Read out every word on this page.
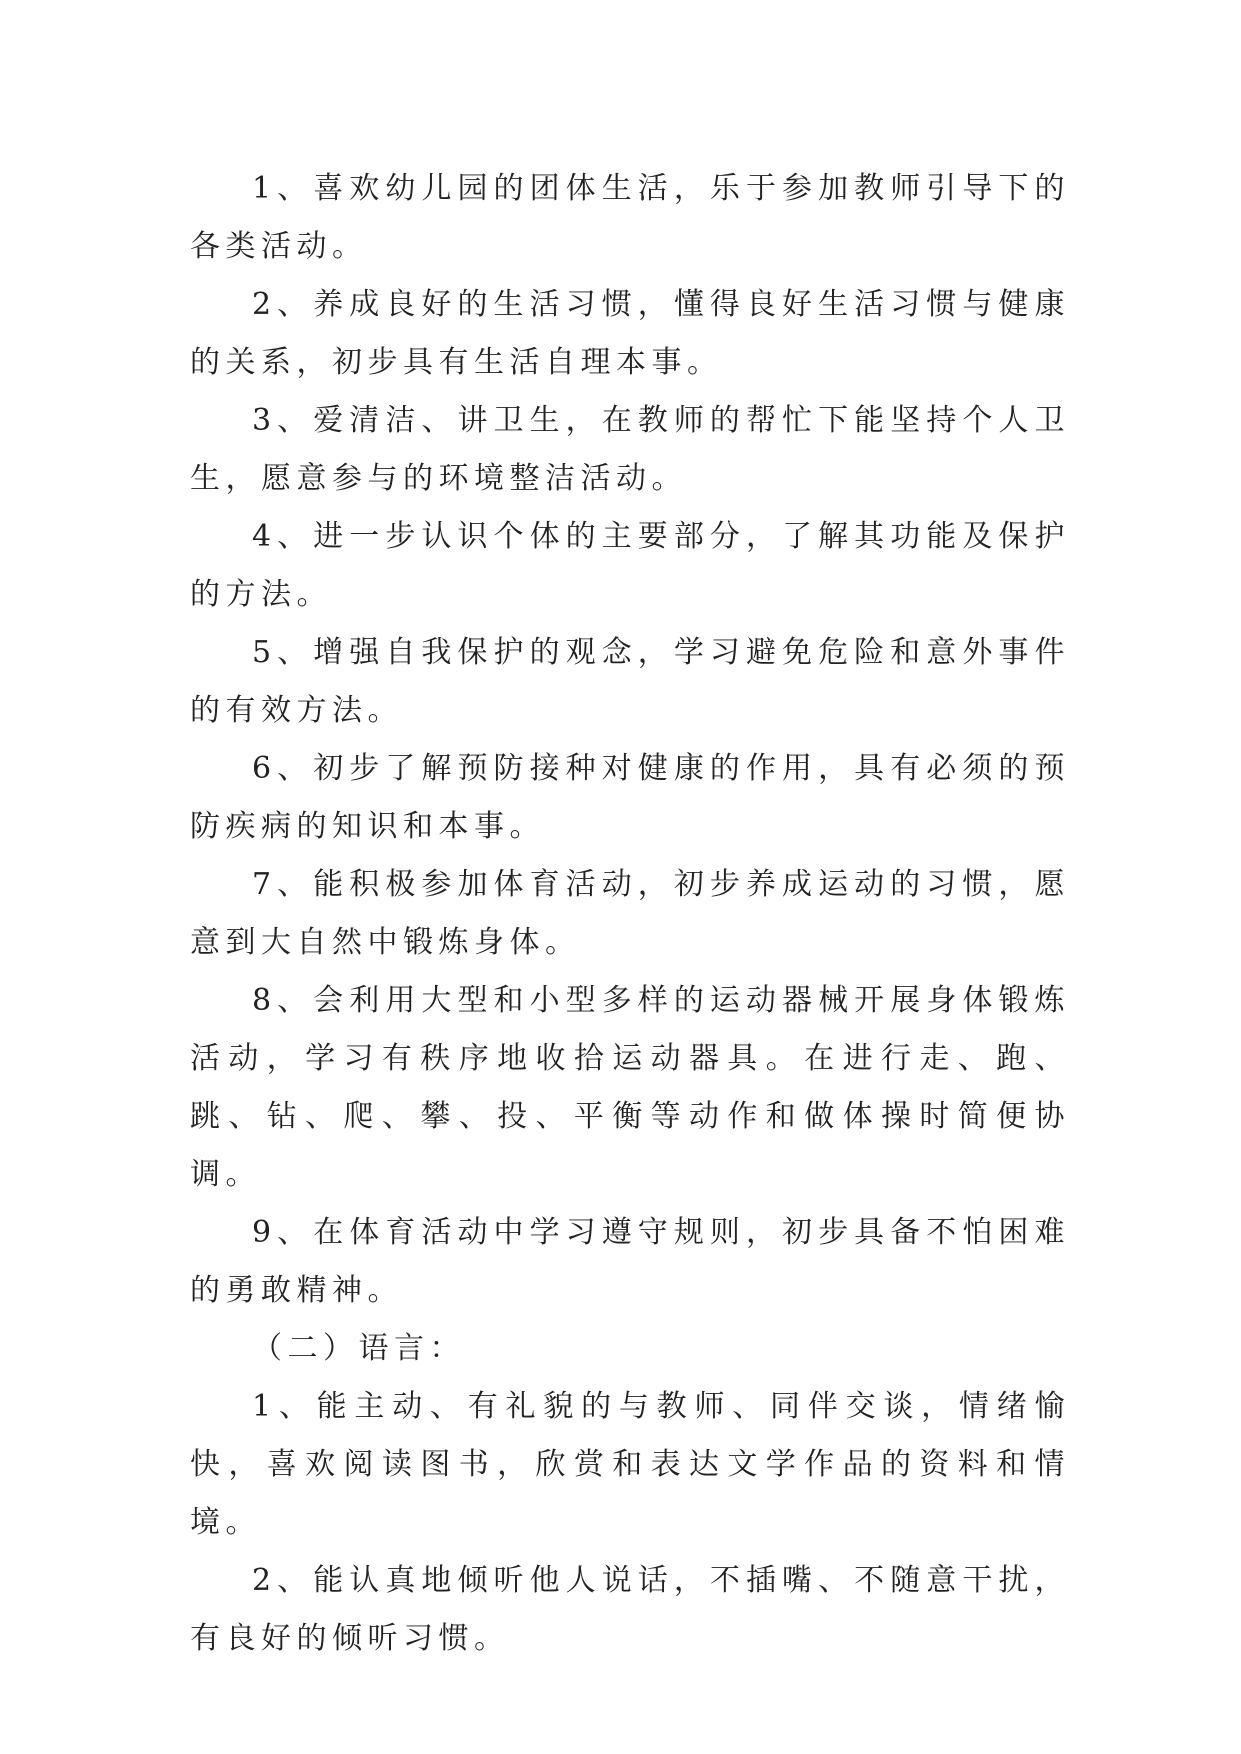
1、喜欢幼儿园的团体生活，乐于参加教师引导下的各类活动。

2、养成良好的生活习惯，懂得良好生活习惯与健康的关系，初步具有生活自理本事。

3、爱清洁、讲卫生，在教师的帮忙下能坚持个人卫生，愿意参与的环境整洁活动。

4、进一步认识个体的主要部分，了解其功能及保护的方法。

5、增强自我保护的观念，学习避免危险和意外事件的有效方法。

6、初步了解预防接种对健康的作用，具有必须的预防疾病的知识和本事。

7、能积极参加体育活动，初步养成运动的习惯，愿意到大自然中锻炼身体。

8、会利用大型和小型多样的运动器械开展身体锻炼活动，学习有秩序地收拾运动器具。在进行走、跑、跳、钻、爬、攀、投、平衡等动作和做体操时简便协调。

9、在体育活动中学习遵守规则，初步具备不怕困难的勇敢精神。

（二）语言：

1、能主动、有礼貌的与教师、同伴交谈，情绪愉快，喜欢阅读图书，欣赏和表达文学作品的资料和情境。

2、能认真地倾听他人说话，不插嘴、不随意干扰，有良好的倾听习惯。
